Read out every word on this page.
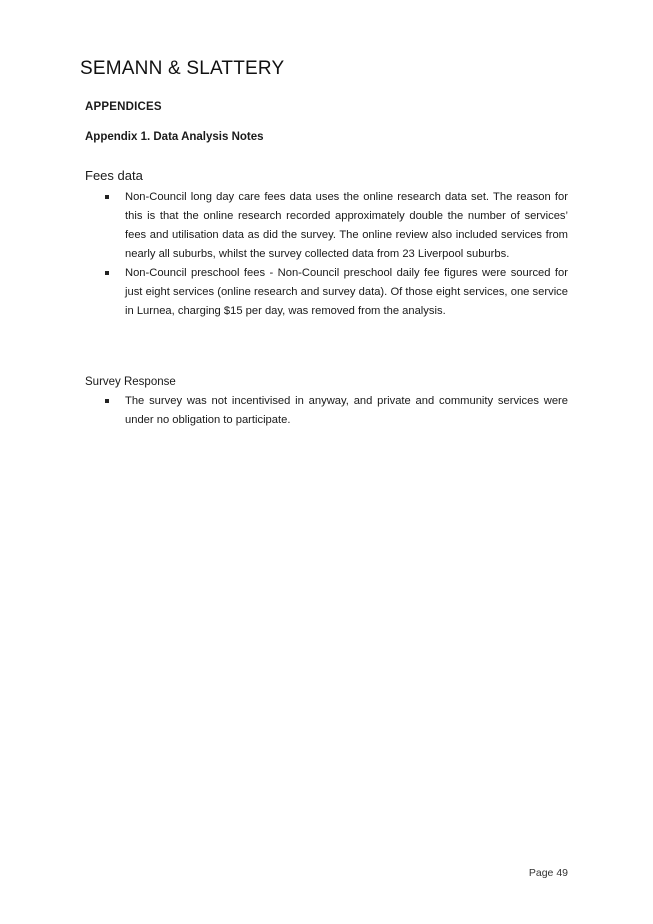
SEMANN & SLATTERY
APPENDICES
Appendix 1. Data Analysis Notes
Fees data
Non-Council long day care fees data uses the online research data set. The reason for this is that the online research recorded approximately double the number of services’ fees and utilisation data as did the survey. The online review also included services from nearly all suburbs, whilst the survey collected data from 23 Liverpool suburbs.
Non-Council preschool fees - Non-Council preschool daily fee figures were sourced for just eight services (online research and survey data). Of those eight services, one service in Lurnea, charging $15 per day, was removed from the analysis.
Survey Response
The survey was not incentivised in anyway, and private and community services were under no obligation to participate.
Page 49
